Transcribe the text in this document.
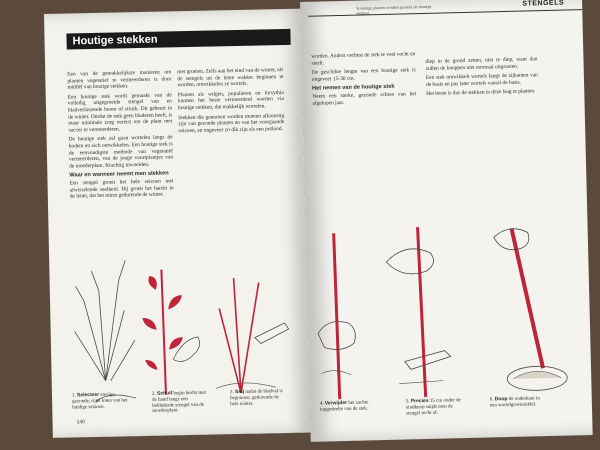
Houtige stekken

Een van de gemakkelijkste manieren om planten vegetatief te vermeerderen is door middel van houtige stekken.

Een houtige stek wordt gemaakt van de volledig uitgegroeide stengel van en bladverliezende boom of struik. Dit gebeurt in de winter. Omdat de stek geen bladeren heeft, is maar minimale zorg vereist om de plant met succes te vermeerderen.

De houtige stek zal gaan wortelen langs de bodem en zich ontwikkelen. Een houtige stek is de eenvoudigste methode van vegetatief vermeerderen, van de jonge voortplantjes van de moederplant. Krachtig inwoeiden.

Waar en wanneer neemt men stekken

Een stengel groeit het hele seizoen met afwisselende snelheid. Hij groeit het hardst in de lente, dat het minst gedurende de winter.

met groeien. Zelfs aan het eind van de winter, als de stengels uit de lente wakker beginnen te worden, ontwikkelen ze wortels.

Planten als wilgen, populieren en forsythia kunnen het beste vermeerderd worden via houtige stekken, die makkelijk wortelen.

Stekken die genomen worden moeten afkomstig zijn van gezonde planten en van het voorgaande seizoen, en ongeveer zo dik zijn als een potlood.

1. Selecteer stevige, gezonde, rijpe loten van het huidige seizoen.
2. Schuif begin herfst met de hand langs een bebladerde stengel van de moederplant.
3. Snij nadat de bladval is begonnen, gedurende de hele winter.
140
Sommige planten worden gestekt als houtige stekken.
STENGELS

worden. Anders verliest de stek te veel vocht en sterft.

De geschikte lengte van een houtige stek is ongeveer 15-30 cm.

Het nemen van de houtige stek

Neem een sterke, gezonde scheut van het afgelopen jaar.

diep in de grond zetten, niet te diep, want dan zullen de knoppen niet normaal uitgroeien.

Een stek ontwikkelt wortels langs de zijkanten van de basis en pas later wortels vanuit de basis.

Het beste is dus de stekken in deze laag te planten.

4. Verwijder het zachte topgedeelte van de stek.
5. Precies 15 cm onder de eindknop snijdt men de stengel recht af.
6. Doop de onderkant in een wortelgroeimiddel.
